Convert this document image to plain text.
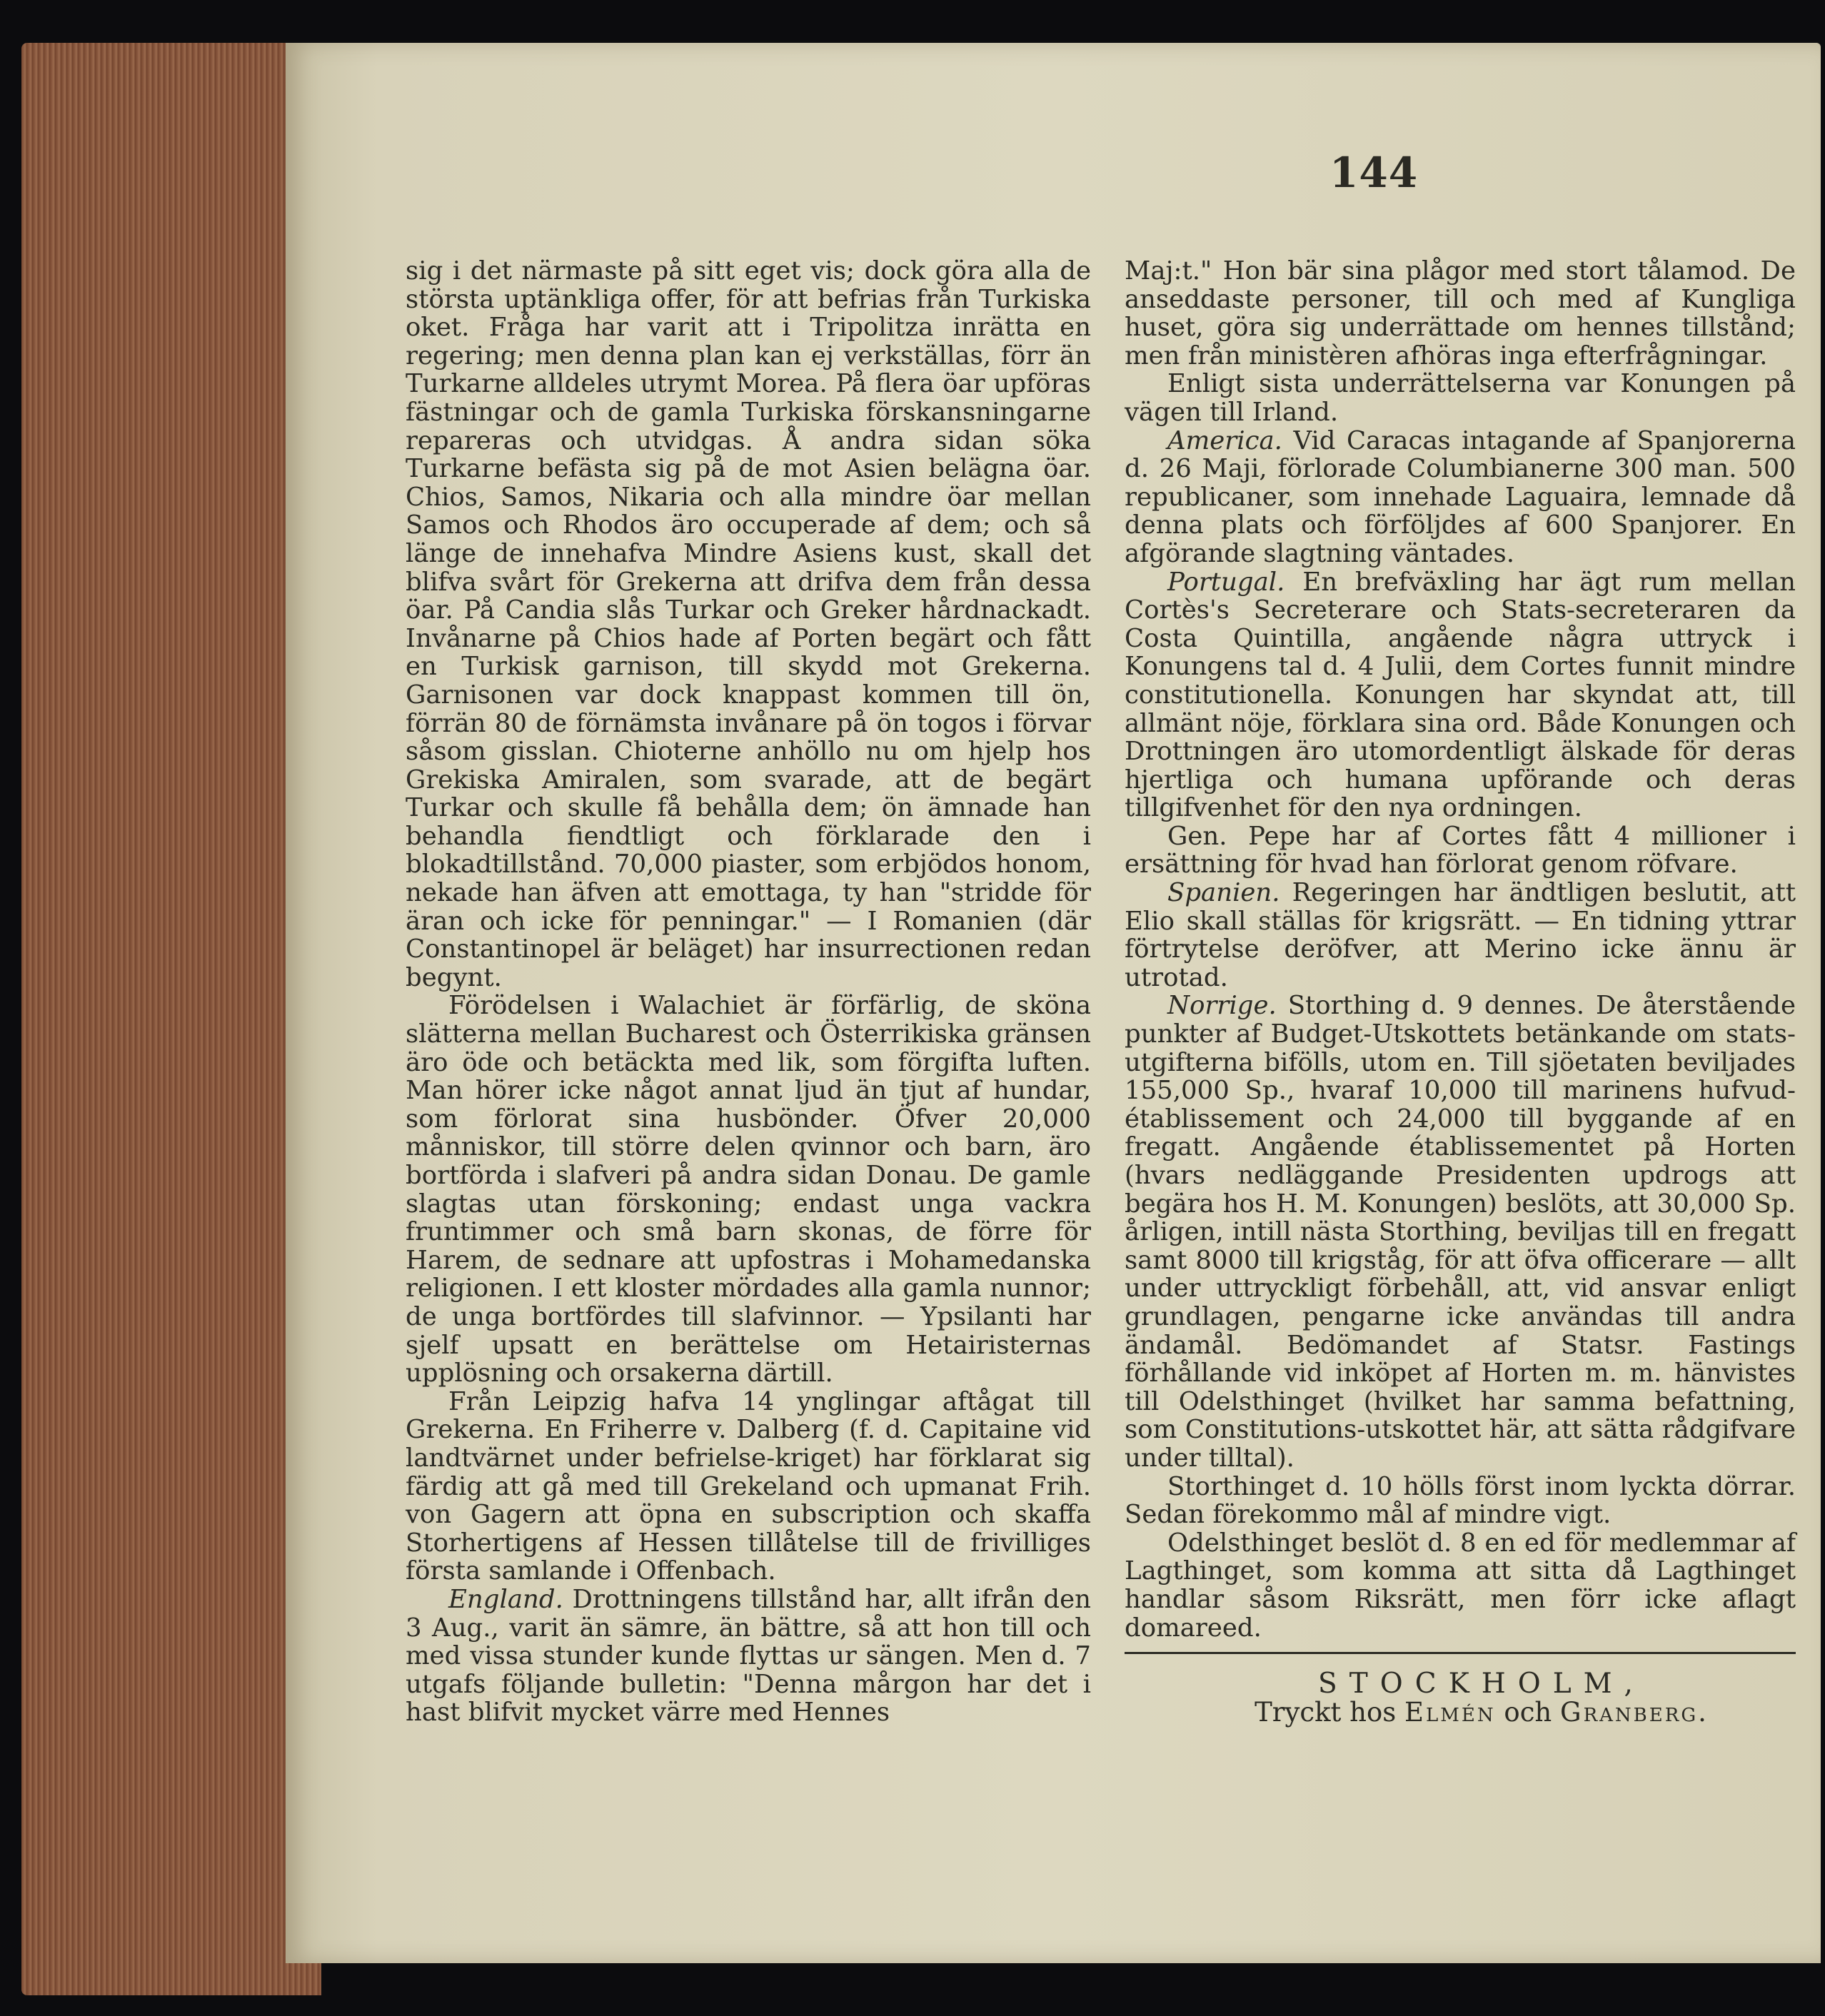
144

sig i det närmaste på sitt eget vis; dock göra alla de största uptänkliga offer, för att befrias från Turkiska oket. Fråga har varit att i Tripolitza inrätta en regering; men denna plan kan ej verkställas, förr än Turkarne alldeles utrymt Morea. På flera öar upföras fästningar och de gamla Turkiska förskansningarne repareras och utvidgas. Å andra sidan söka Turkarne befästa sig på de mot Asien belägna öar. Chios, Samos, Nikaria och alla mindre öar mellan Samos och Rhodos äro occuperade af dem; och så länge de innehafva Mindre Asiens kust, skall det blifva svårt för Grekerna att drifva dem från dessa öar. På Candia slås Turkar och Greker hårdnackadt. Invånarne på Chios hade af Porten begärt och fått en Turkisk garnison, till skydd mot Grekerna. Garnisonen var dock knappast kommen till ön, förrän 80 de förnämsta invånare på ön togos i förvar såsom gisslan. Chioterne anhöllo nu om hjelp hos Grekiska Amiralen, som svarade, att de begärt Turkar och skulle få behålla dem; ön ämnade han behandla fiendtligt och förklarade den i blokadtillstånd. 70,000 piaster, som erbjödos honom, nekade han äfven att emottaga, ty han "stridde för äran och icke för penningar." — I Romanien (där Constantinopel är beläget) har insurrectionen redan begynt.

Förödelsen i Walachiet är förfärlig, de sköna slätterna mellan Bucharest och Österrikiska gränsen äro öde och betäckta med lik, som förgifta luften. Man hörer icke något annat ljud än tjut af hundar, som förlorat sina husbönder. Öfver 20,000 månniskor, till större delen qvinnor och barn, äro bortförda i slafveri på andra sidan Donau. De gamle slagtas utan förskoning; endast unga vackra fruntimmer och små barn skonas, de förre för Harem, de sednare att upfostras i Mohamedanska religionen. I ett kloster mördades alla gamla nunnor; de unga bortfördes till slafvinnor. — Ypsilanti har sjelf upsatt en berättelse om Hetairisternas upplösning och orsakerna därtill.

Från Leipzig hafva 14 ynglingar aftågat till Grekerna. En Friherre v. Dalberg (f. d. Capitaine vid landtvärnet under befrielse-kriget) har förklarat sig färdig att gå med till Grekeland och upmanat Frih. von Gagern att öpna en subscription och skaffa Storhertigens af Hessen tillåtelse till de frivilliges första samlande i Offenbach.

England. Drottningens tillstånd har, allt ifrån den 3 Aug., varit än sämre, än bättre, så att hon till och med vissa stunder kunde flyttas ur sängen. Men d. 7 utgafs följande bulletin: "Denna mårgon har det i hast blifvit mycket värre med Hennes

Maj:t." Hon bär sina plågor med stort tålamod. De anseddaste personer, till och med af Kungliga huset, göra sig underrättade om hennes tillstånd; men från ministèren afhöras inga efterfrågningar.

Enligt sista underrättelserna var Konungen på vägen till Irland.

America. Vid Caracas intagande af Spanjorerna d. 26 Maji, förlorade Columbianerne 300 man. 500 republicaner, som innehade Laguaira, lemnade då denna plats och förföljdes af 600 Spanjorer. En afgörande slagtning väntades.

Portugal. En brefväxling har ägt rum mellan Cortès's Secreterare och Stats-secreteraren da Costa Quintilla, angående några uttryck i Konungens tal d. 4 Julii, dem Cortes funnit mindre constitutionella. Konungen har skyndat att, till allmänt nöje, förklara sina ord. Både Konungen och Drottningen äro utomordentligt älskade för deras hjertliga och humana upförande och deras tillgifvenhet för den nya ordningen.

Gen. Pepe har af Cortes fått 4 millioner i ersättning för hvad han förlorat genom röfvare.

Spanien. Regeringen har ändtligen beslutit, att Elio skall ställas för krigsrätt. — En tidning yttrar förtrytelse deröfver, att Merino icke ännu är utrotad.

Norrige. Storthing d. 9 dennes. De återstående punkter af Budget-Utskottets betänkande om stats-utgifterna bifölls, utom en. Till sjöetaten beviljades 155,000 Sp., hvaraf 10,000 till marinens hufvud-établissement och 24,000 till byggande af en fregatt. Angående établissementet på Horten (hvars nedläggande Presidenten updrogs att begära hos H. M. Konungen) beslöts, att 30,000 Sp. årligen, intill nästa Storthing, beviljas till en fregatt samt 8000 till krigståg, för att öfva officerare — allt under uttryckligt förbehåll, att, vid ansvar enligt grundlagen, pengarne icke användas till andra ändamål. Bedömandet af Statsr. Fastings förhållande vid inköpet af Horten m. m. hänvistes till Odelsthinget (hvilket har samma befattning, som Constitutions-utskottet här, att sätta rådgifvare under tilltal).

Storthinget d. 10 hölls först inom lyckta dörrar. Sedan förekommo mål af mindre vigt.

Odelsthinget beslöt d. 8 en ed för medlemmar af Lagthinget, som komma att sitta då Lagthinget handlar såsom Riksrätt, men förr icke aflagt domareed.

STOCKHOLM,

Tryckt hos Elmén och Granberg.
